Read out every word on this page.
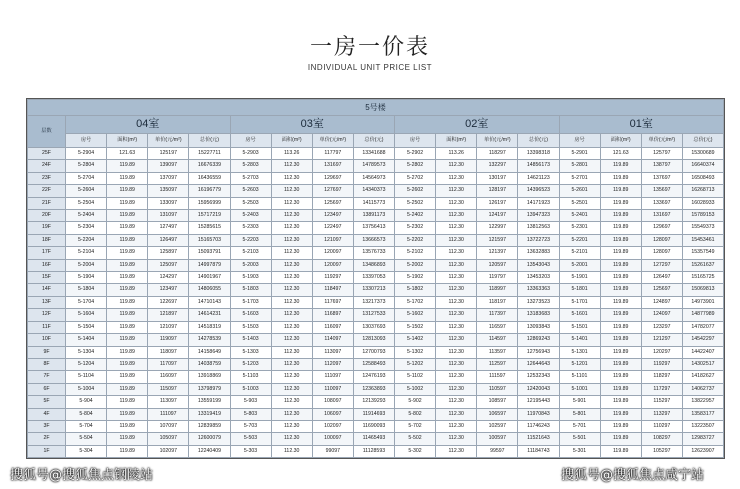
一房一价表
INDIVIDUAL UNIT PRICE LIST
5号楼																
层数	04室				03室				02室				01室			
	房号	面积(m²)	单价(元/m²)	总价(元)	房号	面积(m²)	单价(元/m²)	总价(元)	房号	面积(m²)	单价(元/m²)	总价(元)	房号	面积(m²)	单价(元/m²)	总价(元)
25F	5-2904	121.63	125197	15227711	5-2903	113.26	117797	13341688	5-2902	113.26	118297	13398318	5-2901	121.63	125797	15300689
24F	5-2804	119.89	139097	16676339	5-2803	112.30	131697	14789573	5-2802	112.30	132297	14856173	5-2801	119.89	138797	16640374
23F	5-2704	119.89	137097	16436559	5-2703	112.30	129697	14564973	5-2702	112.30	130197	14621123	5-2701	119.89	137697	16508493
22F	5-2604	119.89	135097	16196779	5-2603	112.30	127697	14340373	5-2602	112.30	128197	14396523	5-2601	119.89	135697	16268713
21F	5-2504	119.89	133097	15956999	5-2503	112.30	125697	14115773	5-2502	112.30	126197	14171923	5-2501	119.89	133697	16028933
20F	5-2404	119.89	131097	15717219	5-2403	112.30	123497	13891173	5-2402	112.30	124197	13947323	5-2401	119.89	131697	15789153
19F	5-2304	119.89	127497	15285615	5-2303	112.30	122497	13756413	5-2302	112.30	122997	13812563	5-2301	119.89	129697	15549373
18F	5-2204	119.89	126497	15165703	5-2203	112.30	121097	13666573	5-2202	112.30	121597	13722723	5-2201	119.89	128097	15453461
17F	5-2104	119.89	125897	15093791	5-2103	112.30	120097	13576733	5-2102	112.30	121397	13632883	5-2101	119.89	128097	15357549
16F	5-2004	119.89	125097	14997879	5-2003	112.30	120097	13486893	5-2002	112.30	120597	13543043	5-2001	119.89	127297	15261637
15F	5-1904	119.89	124297	14901967	5-1903	112.30	119297	13397053	5-1902	112.30	119797	13453203	5-1901	119.89	126497	15165725
14F	5-1804	119.89	123497	14806055	5-1803	112.30	118497	13307213	5-1802	112.30	118997	13363363	5-1801	119.89	125697	15069813
13F	5-1704	119.89	122697	14710143	5-1703	112.30	117697	13217373	5-1702	112.30	118197	13273523	5-1701	119.89	124897	14973901
12F	5-1604	119.89	121897	14614231	5-1603	112.30	116897	13127533	5-1602	112.30	117397	13183683	5-1601	119.89	124097	14877989
11F	5-1504	119.89	121097	14518319	5-1503	112.30	116097	13037693	5-1502	112.30	116597	13093843	5-1501	119.89	123297	14782077
10F	5-1404	119.89	119097	14278539	5-1403	112.30	114097	12813093	5-1402	112.30	114597	12869243	5-1401	119.89	121297	14542297
9F	5-1304	119.89	118097	14158649	5-1303	112.30	113097	12700793	5-1302	112.30	113597	12756943	5-1301	119.89	120297	14422407
8F	5-1204	119.89	117097	14038759	5-1203	112.30	112097	12588493	5-1202	112.30	112597	12644643	5-1201	119.89	119297	14302517
7F	5-1104	119.89	116097	13918869	5-1103	112.30	111097	12476193	5-1102	112.30	111597	12532343	5-1101	119.89	118297	14182627
6F	5-1004	119.89	115097	13798979	5-1003	112.30	110097	12363893	5-1002	112.30	110597	12420043	5-1001	119.89	117297	14062737
5F	5-904	119.89	113097	13559199	5-903	112.30	108097	12139293	5-902	112.30	108597	12195443	5-901	119.89	115297	13822957
4F	5-804	119.89	111097	13319419	5-803	112.30	106097	11914693	5-802	112.30	106597	11970843	5-801	119.89	113297	13583177
3F	5-704	119.89	107097	12839859	5-703	112.30	102097	11690093	5-702	112.30	102597	11746243	5-701	119.89	110297	13223507
2F	5-504	119.89	105097	12600079	5-503	112.30	100097	11465493	5-502	112.30	100597	11521643	5-501	119.89	108297	12983727
1F	5-304	119.89	102097	12240409	5-303	112.30	99097	11128593	5-302	112.30	99597	11184743	5-301	119.89	105297	12623907
搜狐号@搜狐焦点钢陵站	搜狐号@搜狐焦点咸宁站
